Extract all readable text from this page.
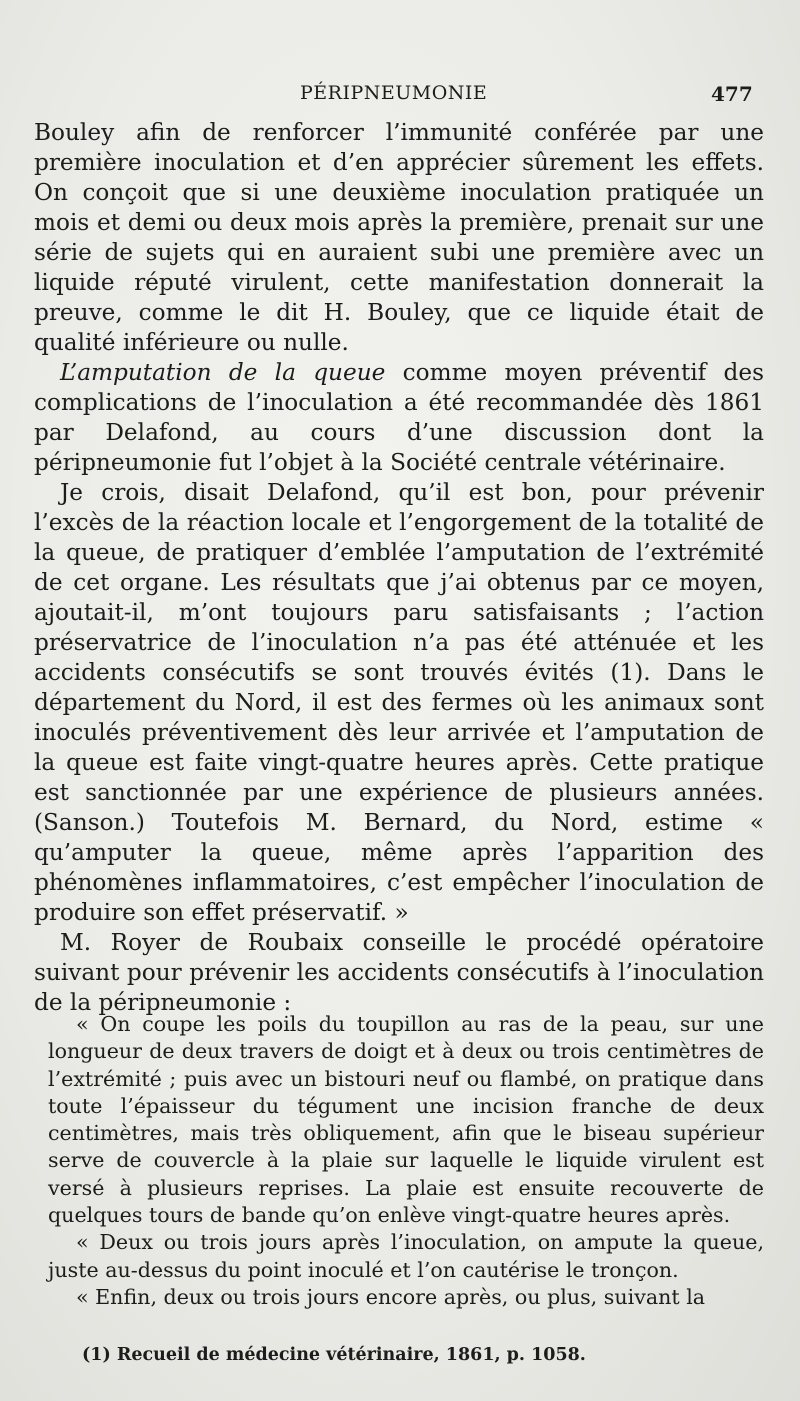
PÉRIPNEUMONIE	477

Bouley afin de renforcer l’immunité conférée par une première inoculation et d’en apprécier sûrement les effets. On conçoit que si une deuxième inoculation pratiquée un mois et demi ou deux mois après la première, prenait sur une série de sujets qui en auraient subi une première avec un liquide réputé virulent, cette manifestation donnerait la preuve, comme le dit H. Bouley, que ce liquide était de qualité inférieure ou nulle.

L’amputation de la queue comme moyen préventif des complications de l’inoculation a été recommandée dès 1861 par Delafond, au cours d’une discussion dont la péripneumonie fut l’objet à la Société centrale vétérinaire.

Je crois, disait Delafond, qu’il est bon, pour prévenir l’excès de la réaction locale et l’engorgement de la totalité de la queue, de pratiquer d’emblée l’amputation de l’extrémité de cet organe. Les résultats que j’ai obtenus par ce moyen, ajoutait-il, m’ont toujours paru satisfaisants ; l’action préservatrice de l’inoculation n’a pas été atténuée et les accidents consécutifs se sont trouvés évités (1). Dans le département du Nord, il est des fermes où les animaux sont inoculés préventivement dès leur arrivée et l’amputation de la queue est faite vingt-quatre heures après. Cette pratique est sanctionnée par une expérience de plusieurs années. (Sanson.) Toutefois M. Bernard, du Nord, estime « qu’amputer la queue, même après l’apparition des phénomènes inflammatoires, c’est empêcher l’inoculation de produire son effet préservatif. »

M. Royer de Roubaix conseille le procédé opératoire suivant pour prévenir les accidents consécutifs à l’inoculation de la péripneumonie :

« On coupe les poils du toupillon au ras de la peau, sur une longueur de deux travers de doigt et à deux ou trois centimètres de l’extrémité ; puis avec un bistouri neuf ou flambé, on pratique dans toute l’épaisseur du tégument une incision franche de deux centimètres, mais très obliquement, afin que le biseau supérieur serve de couvercle à la plaie sur laquelle le liquide virulent est versé à plusieurs reprises. La plaie est ensuite recouverte de quelques tours de bande qu’on enlève vingt-quatre heures après.

« Deux ou trois jours après l’inoculation, on ampute la queue, juste au-dessus du point inoculé et l’on cautérise le tronçon.

« Enfin, deux ou trois jours encore après, ou plus, suivant la

(1) Recueil de médecine vétérinaire, 1861, p. 1058.
